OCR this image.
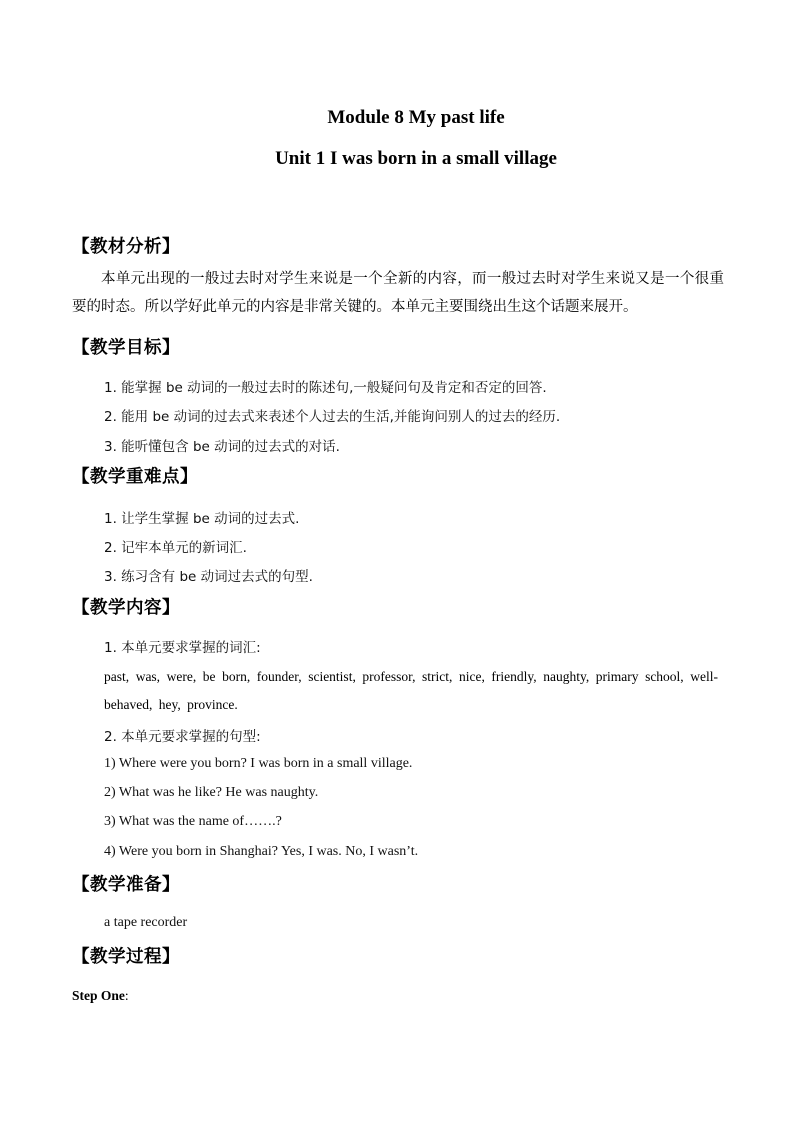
Module 8 My past life
Unit 1 I was born in a small village
【教材分析】
本单元出现的一般过去时对学生来说是一个全新的内容，而一般过去时对学生来说又是一个很重要的时态。所以学好此单元的内容是非常关键的。本单元主要围绕出生这个话题来展开。
【教学目标】
1. 能掌握 be 动词的一般过去时的陈述句,一般疑问句及肯定和否定的回答.
2. 能用 be 动词的过去式来表述个人过去的生活,并能询问别人的过去的经历.
3. 能听懂包含 be 动词的过去式的对话.
【教学重难点】
1. 让学生掌握 be 动词的过去式.
2. 记牢本单元的新词汇.
3. 练习含有 be 动词过去式的句型.
【教学内容】
1. 本单元要求掌握的词汇:
past, was, were, be born, founder, scientist, professor, strict, nice, friendly, naughty, primary school, well-behaved, hey, province.
2. 本单元要求掌握的句型:
1) Where were you born? I was born in a small village.
2) What was he like? He was naughty.
3) What was the name of…….?
4) Were you born in Shanghai? Yes, I was. No, I wasn’t.
【教学准备】
a tape recorder
【教学过程】
Step One:
